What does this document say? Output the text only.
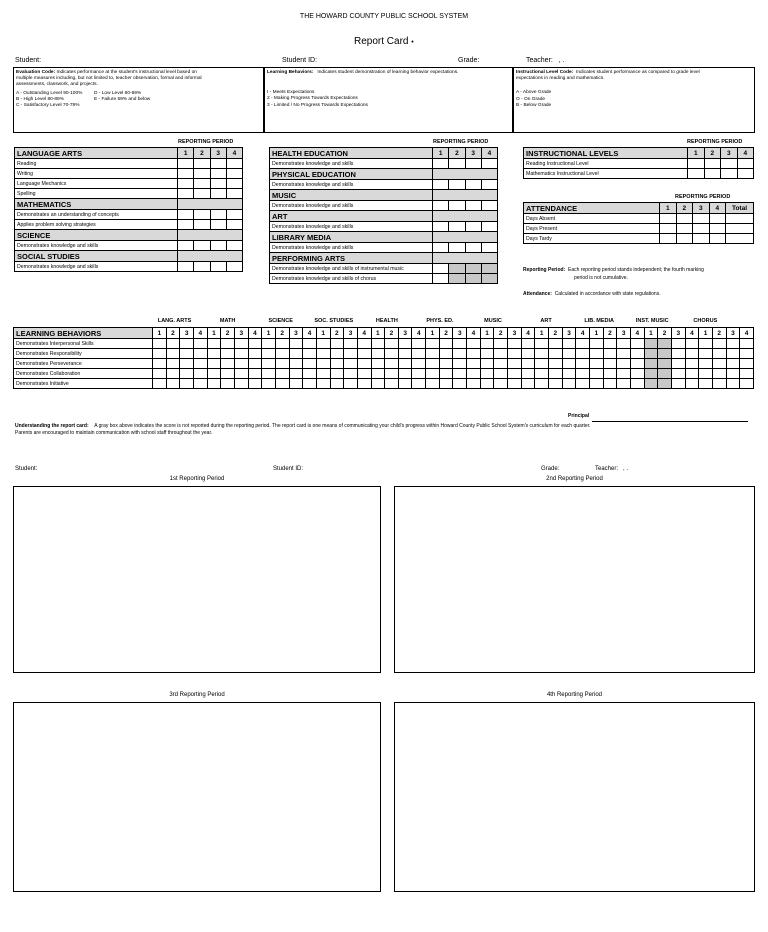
THE HOWARD COUNTY PUBLIC SCHOOL SYSTEM
Report Card •
Student:	Student ID:	Grade:	Teacher: , .

Evaluation Code: Indicates performance at the student's instructional level based on

multiple measures including, but not limited to, teacher observation, formal and informal

assessments, classwork, and projects.

A - Outstanding Level 90-100% D - Low Level 60-69%

B - High Level 80-89%	E - Failure 59% and below

C - Satisfactory Level 70-79%

Learning Behaviors: Indicates student demonstration of learning behavior expectations.

I - Meets Expectations

2 - Making Progress Towards Expectations

3 - Limited / No Progress Towards Expectations

Instructional Level Code: Indicates student performance as compared to grade level

expectations in reading and mathematics.

A - Above Grade

O - On Grade

B - Below Grade

REPORTING PERIOD	REPORTING PERIOD	REPORTING PERIOD
REPORTING PERIOD
LANGUAGE ARTS	1	2	3	4
Reading				
Writing				
Language Mechanics				
Spelling				
MATHEMATICS				
Demonstrates an understanding of concepts				
Applies problem solving strategies				
SCIENCE				
Demonstrates knowledge and skills				
SOCIAL STUDIES				
Demonstrates knowledge and skills				
HEALTH EDUCATION	1	2	3	4
Demonstrates knowledge and skills				
PHYSICAL EDUCATION				
Demonstrates knowledge and skills				
MUSIC				
Demonstrates knowledge and skills				
ART				
Demonstrates knowledge and skills				
LIBRARY MEDIA				
Demonstrates knowledge and skills				
PERFORMING ARTS				
Demonstrates knowledge and skills of instrumental music				
Demonstrates knowledge and skills of chorus				
INSTRUCTIONAL LEVELS	1	2	3	4
Reading Instructional Level				
Mathematics Instructional Level				
ATTENDANCE	1	2	3	4	Total
Days Absent					
Days Present					
Days Tardy					
Reporting Period: Each reporting period stands independent; the fourth marking
period is not cumulative.
Attendance: Calculated in accordance with state regulations.
LANG. ARTS	MATH	SCIENCE	SOC. STUDIES	HEALTH	PHYS. ED.	MUSIC	ART	LIB. MEDIA	INST. MUSIC	CHORUS
LEARNING BEHAVIORS	1	2	3	4	1	2	3	4	1	2	3	4	1	2	3	4	1	2	3	4	1	2	3	4	1	2	3	4	1	2	3	4	1	2	3	4	1	2	3	4	1	2	3	4
Demonstrates Interpersonal Skills																																												
Demonstrates Responsibility																																												
Demonstrates Perseverance																																												
Demonstrates Collaboration																																												
Demonstrates Initiative																																												
Principal
Understanding the report card: A gray box above indicates the score is not reported during the reporting period. The report card is one means of communicating your child's progress within Howard County Public School System's curriculum for each quarter.
Parents are encouraged to maintain communication with school staff throughout the year.
Student:	Student ID:	Grade:	Teacher: , .
1st Reporting Period	2nd Reporting Period
3rd Reporting Period	4th Reporting Period
